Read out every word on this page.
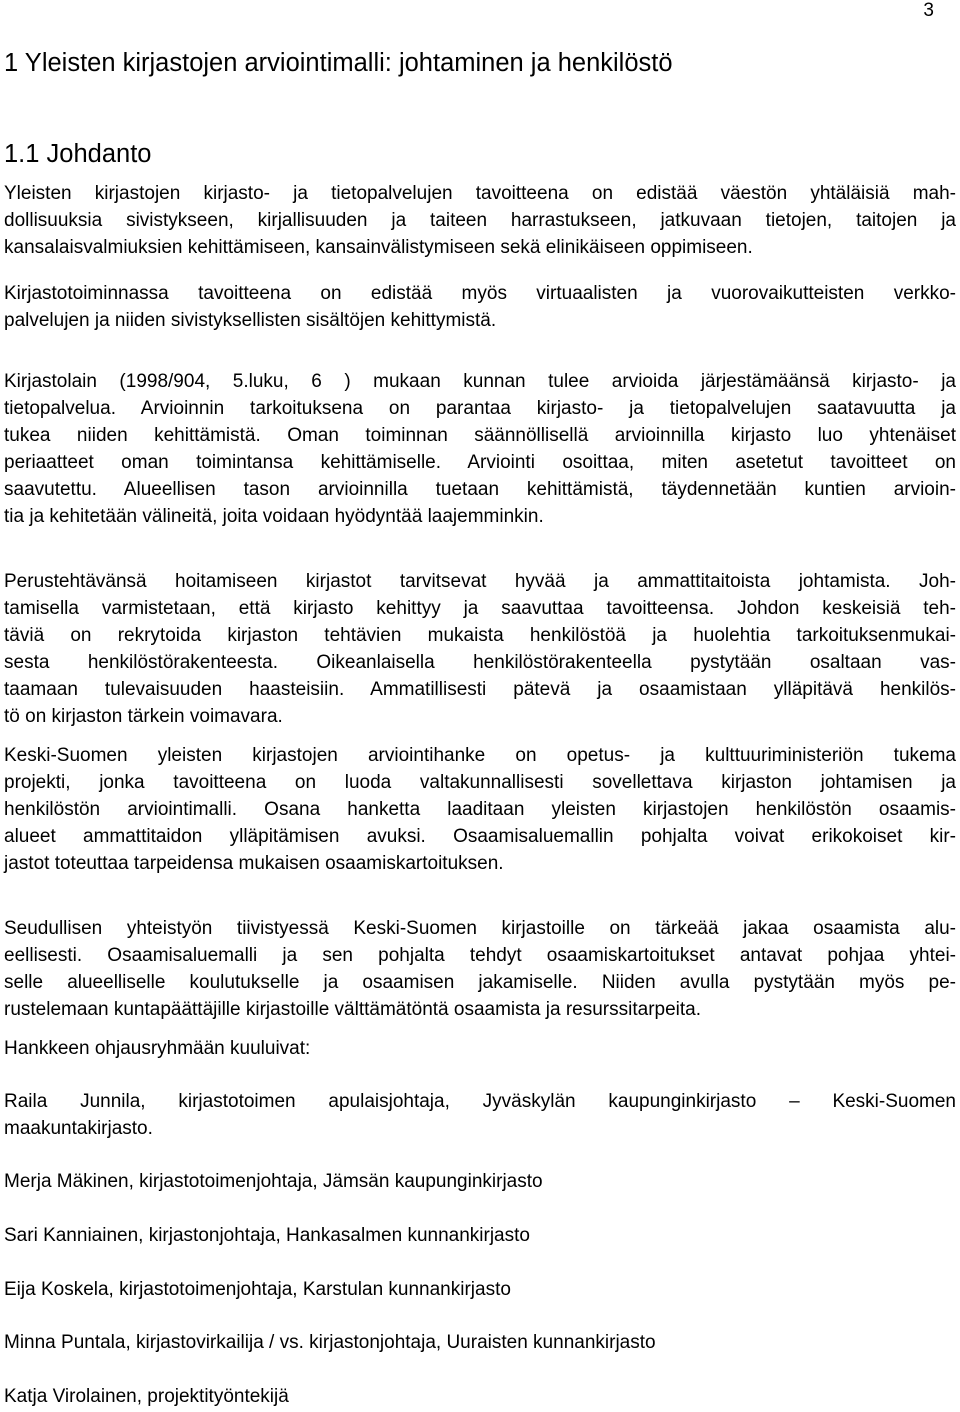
3
1 Yleisten kirjastojen arviointimalli: johtaminen ja henkilöstö
1.1 Johdanto
Yleisten kirjastojen kirjasto- ja tietopalvelujen tavoitteena on edistää väestön yhtäläisiä mah-
dollisuuksia sivistykseen, kirjallisuuden ja taiteen harrastukseen, jatkuvaan tietojen, taitojen ja
kansalaisvalmiuksien kehittämiseen, kansainvälistymiseen sekä elinikäiseen oppimiseen.
Kirjastotoiminnassa tavoitteena on edistää myös virtuaalisten ja vuorovaikutteisten verkko-
palvelujen ja niiden sivistyksellisten sisältöjen kehittymistä.
Kirjastolain (1998/904, 5.luku, 6 ) mukaan kunnan tulee arvioida järjestämäänsä kirjasto- ja
tietopalvelua. Arvioinnin tarkoituksena on parantaa kirjasto- ja tietopalvelujen saatavuutta ja
tukea niiden kehittämistä. Oman toiminnan säännöllisellä arvioinnilla kirjasto luo yhtenäiset
periaatteet oman toimintansa kehittämiselle. Arviointi osoittaa, miten asetetut tavoitteet on
saavutettu. Alueellisen tason arvioinnilla tuetaan kehittämistä, täydennetään kuntien arvioin-
tia ja kehitetään välineitä, joita voidaan hyödyntää laajemminkin.
Perustehtävänsä hoitamiseen kirjastot tarvitsevat hyvää ja ammattitaitoista johtamista. Joh-
tamisella varmistetaan, että kirjasto kehittyy ja saavuttaa tavoitteensa. Johdon keskeisiä teh-
täviä on rekrytoida kirjaston tehtävien mukaista henkilöstöä ja huolehtia tarkoituksenmukai-
sesta henkilöstörakenteesta. Oikeanlaisella henkilöstörakenteella pystytään osaltaan vas-
taamaan tulevaisuuden haasteisiin. Ammatillisesti pätevä ja osaamistaan ylläpitävä henkilös-
tö on kirjaston tärkein voimavara.
Keski-Suomen yleisten kirjastojen arviointihanke on opetus- ja kulttuuriministeriön tukema
projekti, jonka tavoitteena on luoda valtakunnallisesti sovellettava kirjaston johtamisen ja
henkilöstön arviointimalli. Osana hanketta laaditaan yleisten kirjastojen henkilöstön osaamis-
alueet ammattitaidon ylläpitämisen avuksi. Osaamisaluemallin pohjalta voivat erikokoiset kir-
jastot toteuttaa tarpeidensa mukaisen osaamiskartoituksen.
Seudullisen yhteistyön tiivistyessä Keski-Suomen kirjastoille on tärkeää jakaa osaamista alu-
eellisesti. Osaamisaluemalli ja sen pohjalta tehdyt osaamiskartoitukset antavat pohjaa yhtei-
selle alueelliselle koulutukselle ja osaamisen jakamiselle. Niiden avulla pystytään myös pe-
rustelemaan kuntapäättäjille kirjastoille välttämätöntä osaamista ja resurssitarpeita.
Hankkeen ohjausryhmään kuuluivat:
Raila Junnila, kirjastotoimen apulaisjohtaja, Jyväskylän kaupunginkirjasto – Keski-Suomen
maakuntakirjasto.
Merja Mäkinen, kirjastotoimenjohtaja, Jämsän kaupunginkirjasto
Sari Kanniainen, kirjastonjohtaja, Hankasalmen kunnankirjasto
Eija Koskela, kirjastotoimenjohtaja, Karstulan kunnankirjasto
Minna Puntala, kirjastovirkailija / vs. kirjastonjohtaja, Uuraisten kunnankirjasto
Katja Virolainen, projektityöntekijä
